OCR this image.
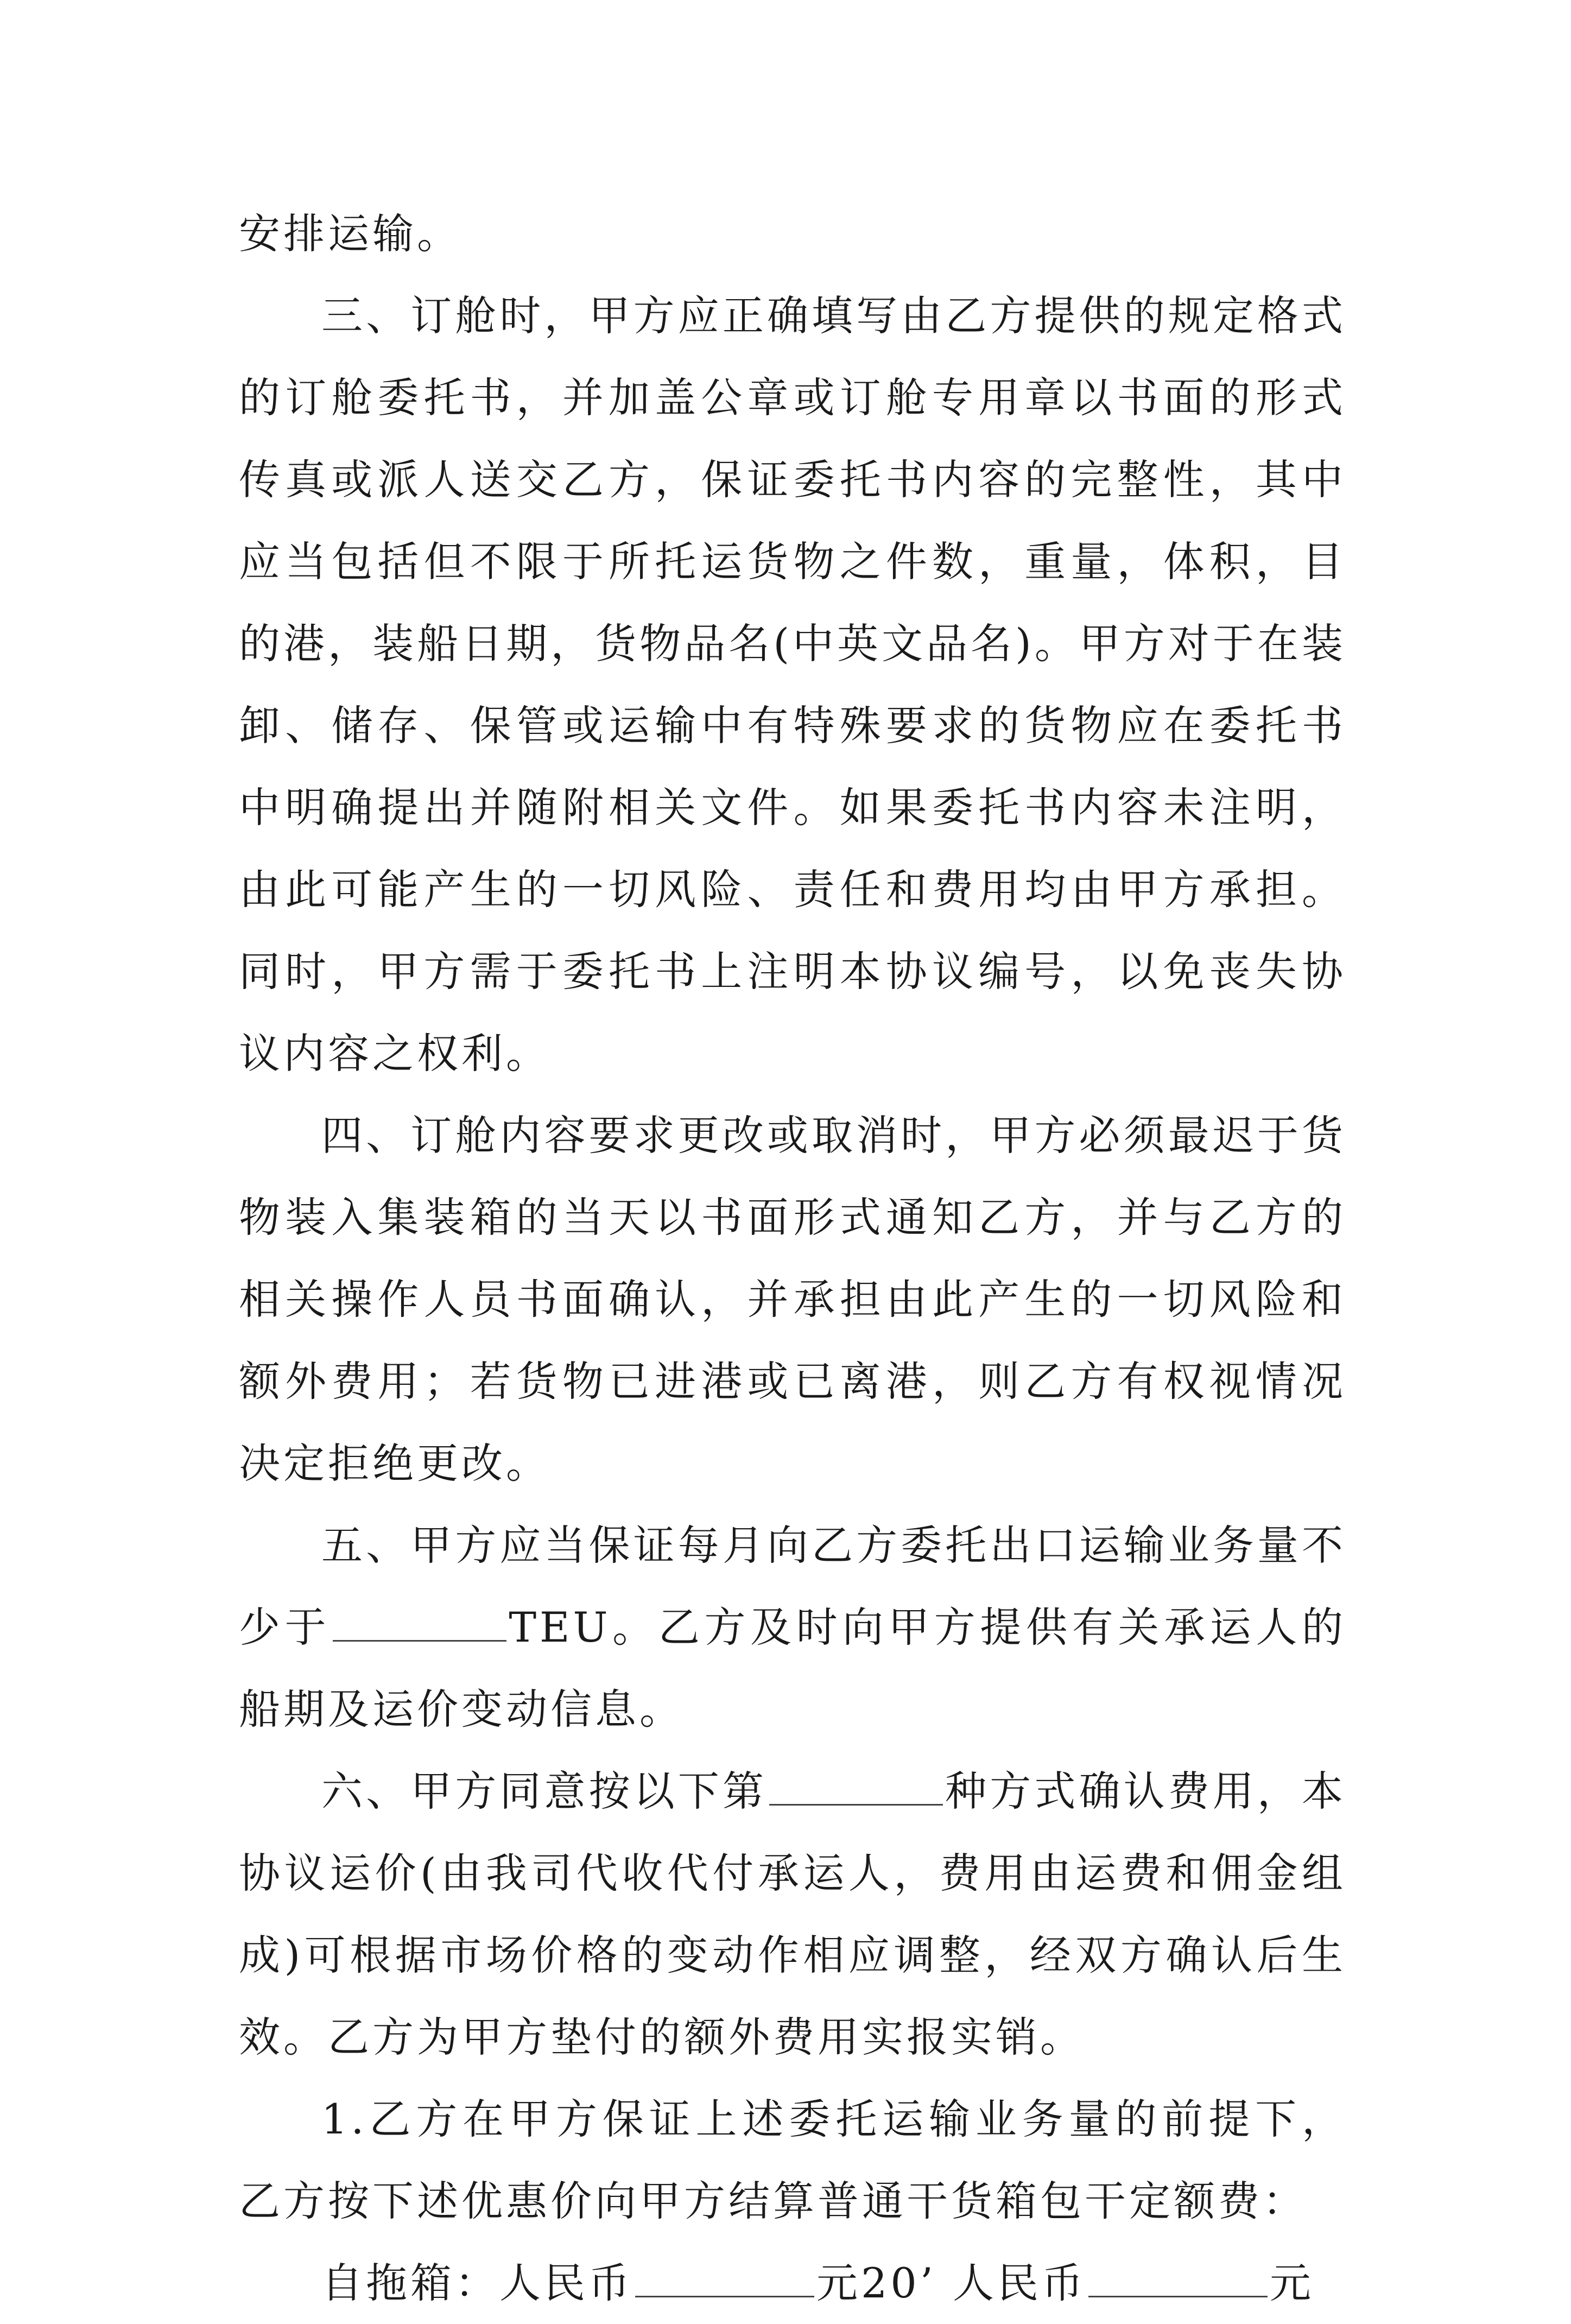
安排运输。

三、订舱时，甲方应正确填写由乙方提供的规定格式的订舱委托书，并加盖公章或订舱专用章以书面的形式传真或派人送交乙方，保证委托书内容的完整性，其中应当包括但不限于所托运货物之件数，重量，体积，目的港，装船日期，货物品名(中英文品名)。甲方对于在装卸、储存、保管或运输中有特殊要求的货物应在委托书中明确提出并随附相关文件。如果委托书内容未注明，由此可能产生的一切风险、责任和费用均由甲方承担。同时，甲方需于委托书上注明本协议编号，以免丧失协议内容之权利。

四、订舱内容要求更改或取消时，甲方必须最迟于货物装入集装箱的当天以书面形式通知乙方，并与乙方的相关操作人员书面确认，并承担由此产生的一切风险和额外费用；若货物已进港或已离港，则乙方有权视情况决定拒绝更改。

五、甲方应当保证每月向乙方委托出口运输业务量不少于	TEU。乙方及时向甲方提供有关承运人的船期及运价变动信息。

六、甲方同意按以下第	种方式确认费用，本协议运价(由我司代收代付承运人，费用由运费和佣金组成)可根据市场价格的变动作相应调整，经双方确认后生效。乙方为甲方垫付的额外费用实报实销。

1.乙方在甲方保证上述委托运输业务量的前提下，乙方按下述优惠价向甲方结算普通干货箱包干定额费：

自拖箱：人民币	元20’ 人民币	元
